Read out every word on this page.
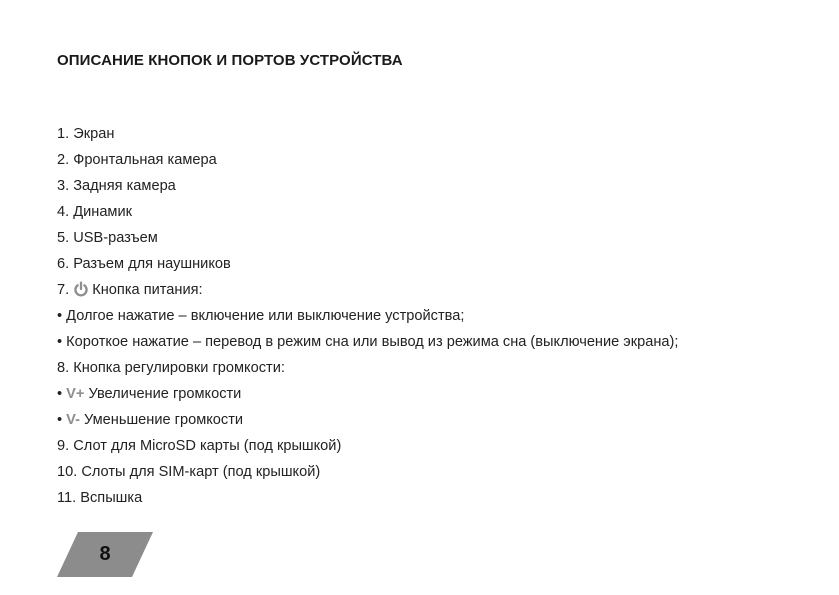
ОПИСАНИЕ КНОПОК И ПОРТОВ УСТРОЙСТВА
1. Экран
2. Фронтальная камера
3. Задняя камера
4. Динамик
5. USB-разъем
6. Разъем для наушников
7. Кнопка питания:
• Долгое нажатие – включение или выключение устройства;
• Короткое нажатие – перевод в режим сна или вывод из режима сна (выключение экрана);
8. Кнопка регулировки громкости:
• V+ Увеличение громкости
• V- Уменьшение громкости
9. Слот для MicroSD карты (под крышкой)
10. Слоты для SIM-карт (под крышкой)
11. Вспышка
8
